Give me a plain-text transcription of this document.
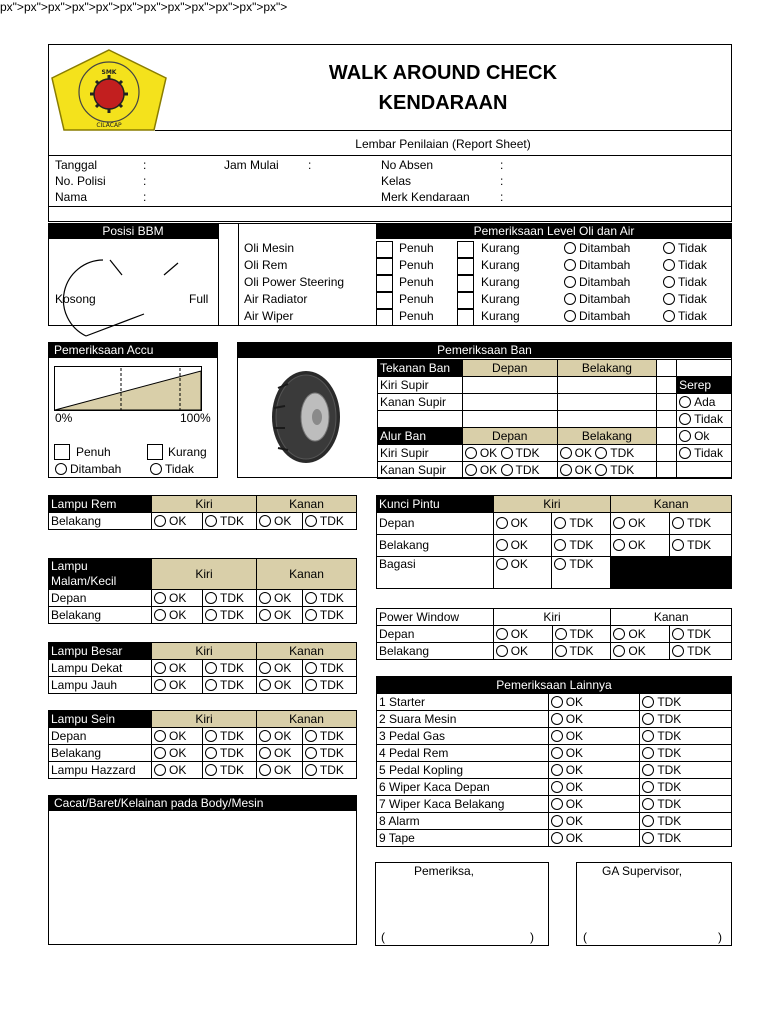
SMK
CILACAP
WALK AROUND CHECK
KENDARAAN
Lembar Penilaian (Report Sheet)
Tanggal	:	Jam Mulai :	No Absen	:
No. Polisi	:	Kelas	:
Nama	:	Merk Kendaraan	:
Posisi BBM	Pemeriksaan Level Oli dan Air
Kosong	Full
Oli Mesin	Penuh	Kurang	Ditambah	Tidak
Oli Rem	Penuh	Kurang	Ditambah	Tidak
Oli Power Steering	Penuh	Kurang	Ditambah	Tidak
Air Radiator	Penuh	Kurang	Ditambah	Tidak
Air Wiper	Penuh	Kurang	Ditambah	Tidak
Pemeriksaan Accu
0%	100%
Penuh	Kurang
Ditambah	Tidak
Pemeriksaan Ban
Tekanan Ban	Depan	Belakang		
Kiri Supir				Serep
Kanan Supir				Ada
				Tidak
Alur Ban	Depan	Belakang		Ok
Kiri Supir	OK TDK	OK TDK		Tidak
Kanan Supir	OK TDK	OK TDK		
px">px">px">
Lampu Rem	Kiri		Kanan	
Belakang	OK	TDK	OK	TDK
px">px">px">
Lampu
Malam/Kecil	Kiri		Kanan	
Depan	OK	TDK	OK	TDK
Belakang	OK	TDK	OK	TDK
px">px">px">
Lampu Besar	Kiri		Kanan	
Lampu Dekat	OK	TDK	OK	TDK
Lampu Jauh	OK	TDK	OK	TDK
px">px">px">
Lampu Sein	Kiri		Kanan	
Depan	OK	TDK	OK	TDK
Belakang	OK	TDK	OK	TDK
Lampu Hazzard	OK	TDK	OK	TDK
Kunci Pintu	Kiri		Kanan	
Depan	OK	TDK	OK	TDK
Belakang	OK	TDK	OK	TDK
Bagasi	OK	TDK		
Power Window	Kiri		Kanan	
Depan	OK	TDK	OK	TDK
Belakang	OK	TDK	OK	TDK
Pemeriksaan Lainnya		
1 Starter	OK	TDK
2 Suara Mesin	OK	TDK
3 Pedal Gas	OK	TDK
4 Pedal Rem	OK	TDK
5 Pedal Kopling	OK	TDK
6 Wiper Kaca Depan	OK	TDK
7 Wiper Kaca Belakang	OK	TDK
8 Alarm	OK	TDK
9 Tape	OK	TDK
Cacat/Baret/Kelainan pada Body/Mesin
Pemeriksa,
(	)
GA Supervisor,
(	)
